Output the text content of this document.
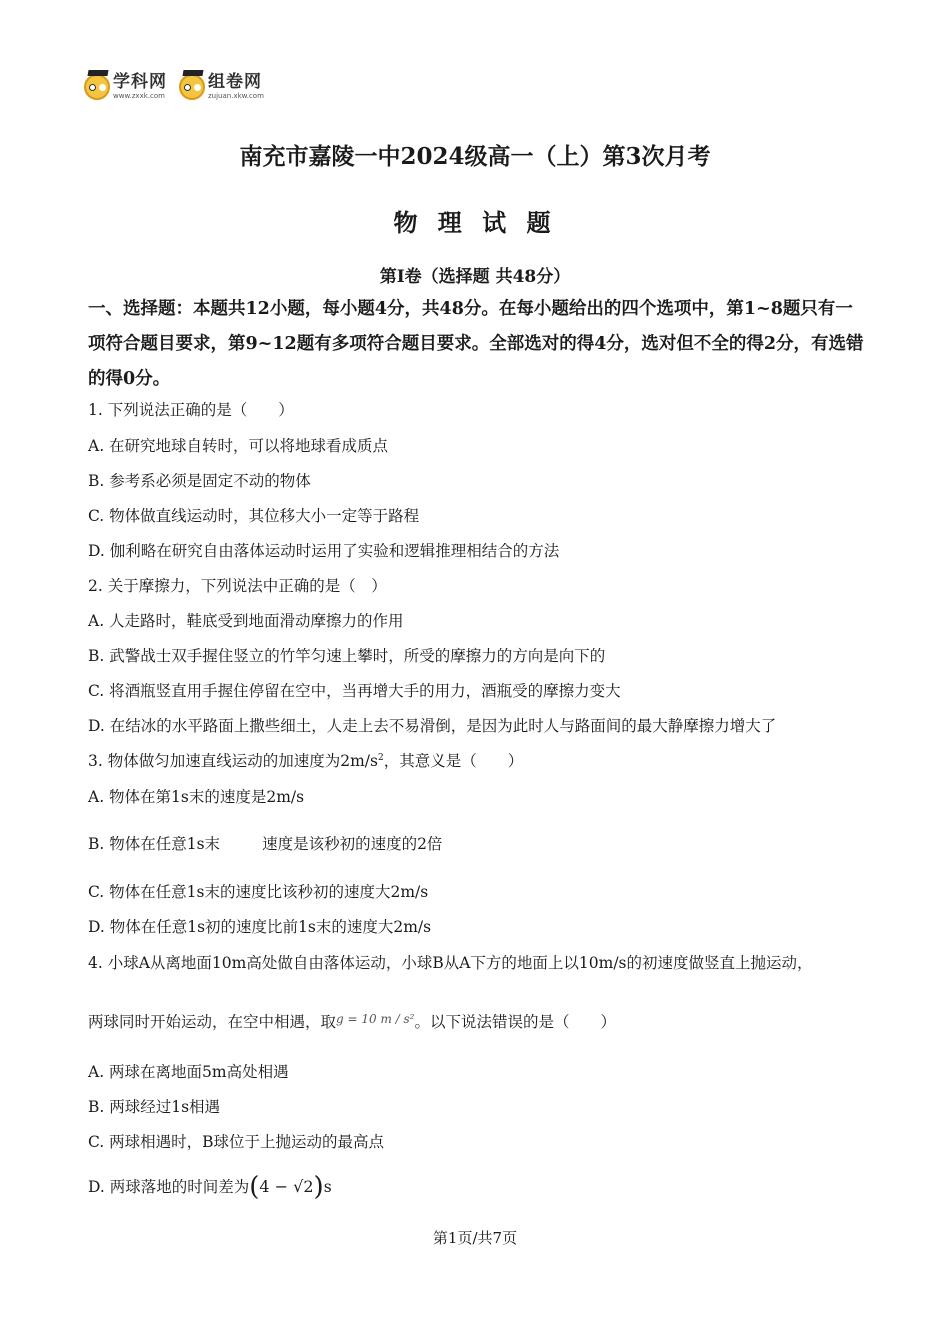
学科网
www.zxxk.com
组卷网
zujuan.xkw.com
南充市嘉陵一中2024级高一（上）第3次月考
物 理 试 题
第Ⅰ卷（选择题 共48分）
一、选择题：本题共12小题，每小题4分，共48分。在每小题给出的四个选项中，第1~8题只有一项符合题目要求，第9~12题有多项符合题目要求。全部选对的得4分，选对但不全的得2分，有选错的得0分。
1. 下列说法正确的是（　　）
A. 在研究地球自转时，可以将地球看成质点
B. 参考系必须是固定不动的物体
C. 物体做直线运动时，其位移大小一定等于路程
D. 伽利略在研究自由落体运动时运用了实验和逻辑推理相结合的方法
2. 关于摩擦力，下列说法中正确的是（　）
A. 人走路时，鞋底受到地面滑动摩擦力的作用
B. 武警战士双手握住竖立的竹竿匀速上攀时，所受的摩擦力的方向是向下的
C. 将酒瓶竖直用手握住停留在空中，当再增大手的用力，酒瓶受的摩擦力变大
D. 在结冰的水平路面上撒些细土，人走上去不易滑倒，是因为此时人与路面间的最大静摩擦力增大了
3. 物体做匀加速直线运动的加速度为$2m/s^2$，其意义是（　　）
A. 物体在第1s末的速度是2m/s
B. 物体在任意1s末	速度是该秒初的速度的2倍
C. 物体在任意1s末的速度比该秒初的速度大2m/s
D. 物体在任意1s初的速度比前1s末的速度大2m/s
4. 小球A从离地面10m高处做自由落体运动，小球B从A下方的地面上以10m/s的初速度做竖直上抛运动，
两球同时开始运动，在空中相遇，取$^{g = 10 m / s^2}$。以下说法错误的是（　　）
A. 两球在离地面5m高处相遇
B. 两球经过1s相遇
C. 两球相遇时，B球位于上抛运动的最高点
D. 两球落地的时间差为(4 − √2)s
第1页/共7页
